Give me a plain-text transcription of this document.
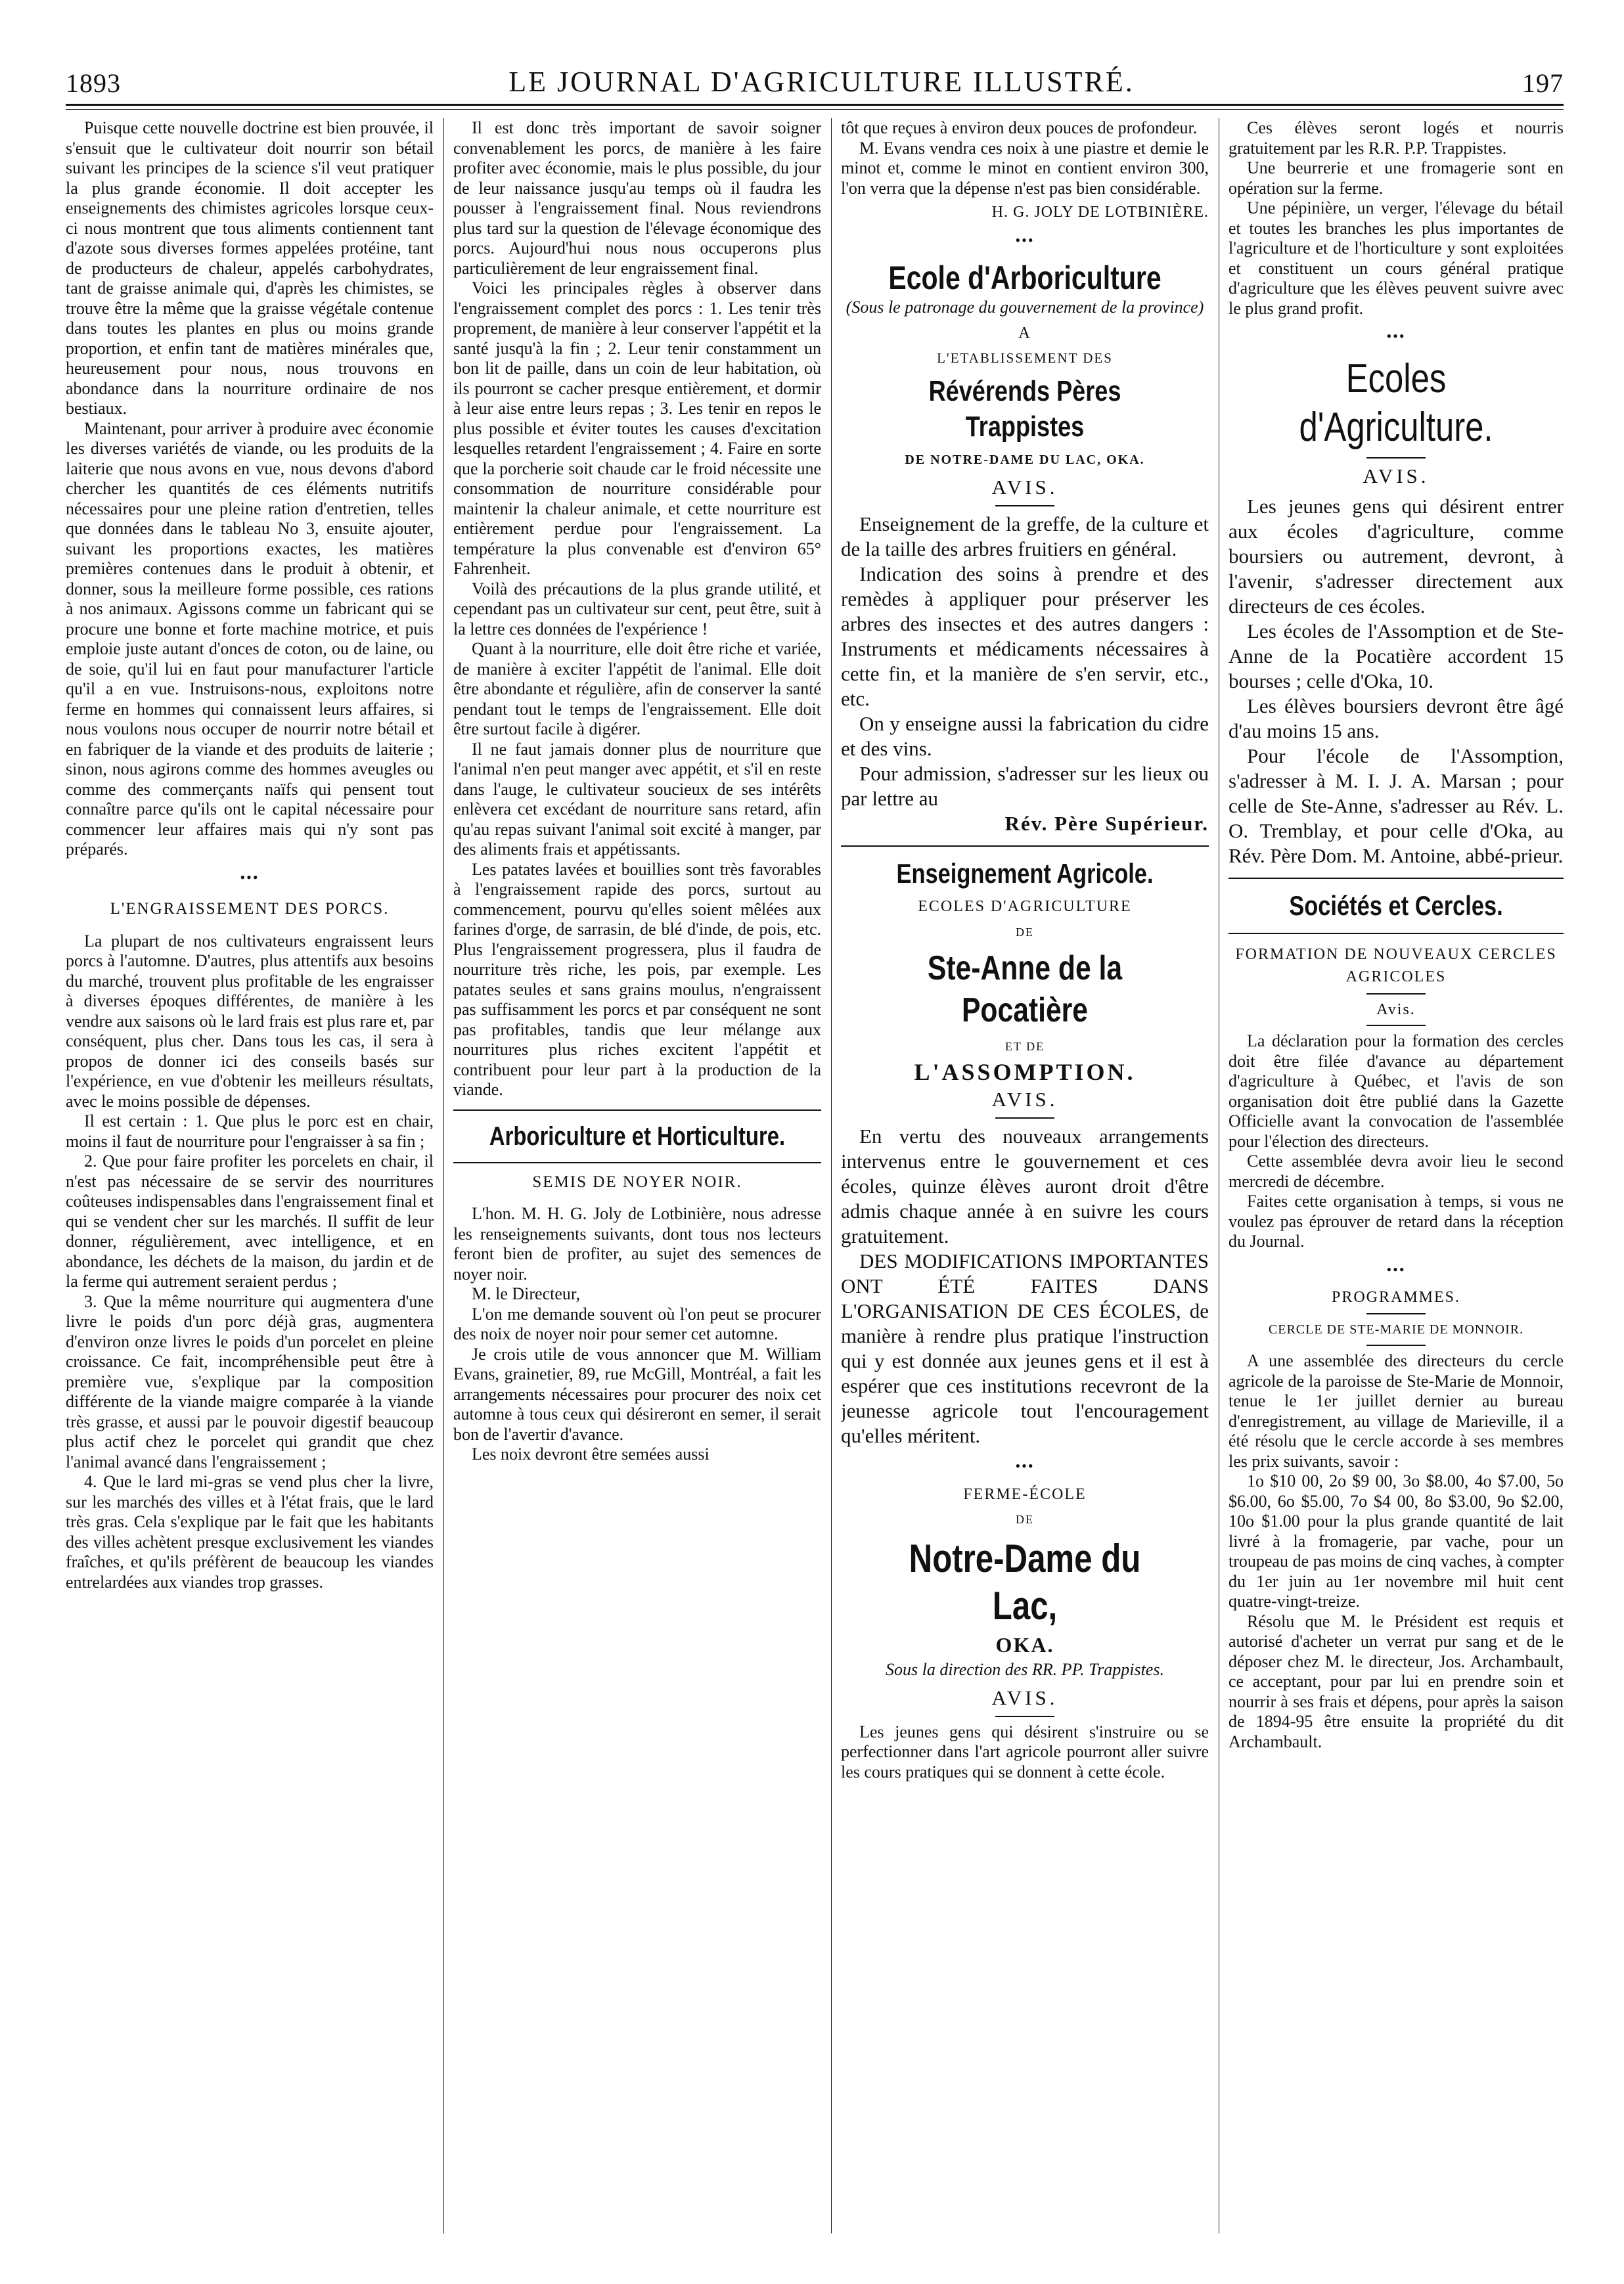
1893	LE JOURNAL D'AGRICULTURE ILLUSTRÉ.	197

Puisque cette nouvelle doctrine est bien prouvée, il s'ensuit que le cultivateur doit nourrir son bétail suivant les principes de la science s'il veut pratiquer la plus grande économie. Il doit accepter les enseignements des chimistes agricoles lorsque ceux-ci nous montrent que tous aliments contiennent tant d'azote sous diverses formes appelées protéine, tant de producteurs de chaleur, appelés carbohydrates, tant de graisse animale qui, d'après les chimistes, se trouve être la même que la graisse végétale contenue dans toutes les plantes en plus ou moins grande proportion, et enfin tant de matières minérales que, heureusement pour nous, nous trouvons en abondance dans la nourriture ordinaire de nos bestiaux.

Maintenant, pour arriver à produire avec économie les diverses variétés de viande, ou les produits de la laiterie que nous avons en vue, nous devons d'abord chercher les quantités de ces éléments nutritifs nécessaires pour une pleine ration d'entretien, telles que données dans le tableau No 3, ensuite ajouter, suivant les proportions exactes, les matières premières contenues dans le produit à obtenir, et donner, sous la meilleure forme possible, ces rations à nos animaux. Agissons comme un fabricant qui se procure une bonne et forte machine motrice, et puis emploie juste autant d'onces de coton, ou de laine, ou de soie, qu'il lui en faut pour manufacturer l'article qu'il a en vue. Instruisons-nous, exploitons notre ferme en hommes qui connaissent leurs affaires, si nous voulons nous occuper de nourrir notre bétail et en fabriquer de la viande et des produits de laiterie ; sinon, nous agirons comme des hommes aveugles ou comme des commerçants naïfs qui pensent tout connaître parce qu'ils ont le capital nécessaire pour commencer leur affaires mais qui n'y sont pas préparés.

•••
L'ENGRAISSEMENT DES PORCS.

La plupart de nos cultivateurs engraissent leurs porcs à l'automne. D'autres, plus attentifs aux besoins du marché, trouvent plus profitable de les engraisser à diverses époques différentes, de manière à les vendre aux saisons où le lard frais est plus rare et, par conséquent, plus cher. Dans tous les cas, il sera à propos de donner ici des conseils basés sur l'expérience, en vue d'obtenir les meilleurs résultats, avec le moins possible de dépenses.

Il est certain : 1. Que plus le porc est en chair, moins il faut de nourriture pour l'engraisser à sa fin ;

2. Que pour faire profiter les porcelets en chair, il n'est pas nécessaire de se servir des nourritures coûteuses indispensables dans l'engraissement final et qui se vendent cher sur les marchés. Il suffit de leur donner, régulièrement, avec intelligence, et en abondance, les déchets de la maison, du jardin et de la ferme qui autrement seraient perdus ;

3. Que la même nourriture qui augmentera d'une livre le poids d'un porc déjà gras, augmentera d'environ onze livres le poids d'un porcelet en pleine croissance. Ce fait, incompréhensible peut être à première vue, s'explique par la composition différente de la viande maigre comparée à la viande très grasse, et aussi par le pouvoir digestif beaucoup plus actif chez le porcelet qui grandit que chez l'animal avancé dans l'engraissement ;

4. Que le lard mi-gras se vend plus cher la livre, sur les marchés des villes et à l'état frais, que le lard très gras. Cela s'explique par le fait que les habitants des villes achètent presque exclusivement les viandes fraîches, et qu'ils préfèrent de beaucoup les viandes entrelardées aux viandes trop grasses.

Il est donc très important de savoir soigner convenablement les porcs, de manière à les faire profiter avec économie, mais le plus possible, du jour de leur naissance jusqu'au temps où il faudra les pousser à l'engraissement final. Nous reviendrons plus tard sur la question de l'élevage économique des porcs. Aujourd'hui nous nous occuperons plus particulièrement de leur engraissement final.

Voici les principales règles à observer dans l'engraissement complet des porcs : 1. Les tenir très proprement, de manière à leur conserver l'appétit et la santé jusqu'à la fin ; 2. Leur tenir constamment un bon lit de paille, dans un coin de leur habitation, où ils pourront se cacher presque entièrement, et dormir à leur aise entre leurs repas ; 3. Les tenir en repos le plus possible et éviter toutes les causes d'excitation lesquelles retardent l'engraissement ; 4. Faire en sorte que la porcherie soit chaude car le froid nécessite une consommation de nourriture considérable pour maintenir la chaleur animale, et cette nourriture est entièrement perdue pour l'engraissement. La température la plus convenable est d'environ 65° Fahrenheit.

Voilà des précautions de la plus grande utilité, et cependant pas un cultivateur sur cent, peut être, suit à la lettre ces données de l'expérience !

Quant à la nourriture, elle doit être riche et variée, de manière à exciter l'appétit de l'animal. Elle doit être abondante et régulière, afin de conserver la santé pendant tout le temps de l'engraissement. Elle doit être surtout facile à digérer.

Il ne faut jamais donner plus de nourriture que l'animal n'en peut manger avec appétit, et s'il en reste dans l'auge, le cultivateur soucieux de ses intérêts enlèvera cet excédant de nourriture sans retard, afin qu'au repas suivant l'animal soit excité à manger, par des aliments frais et appétissants.

Les patates lavées et bouillies sont très favorables à l'engraissement rapide des porcs, surtout au commencement, pourvu qu'elles soient mêlées aux farines d'orge, de sarrasin, de blé d'inde, de pois, etc. Plus l'engraissement progressera, plus il faudra de nourriture très riche, les pois, par exemple. Les patates seules et sans grains moulus, n'engraissent pas suffisamment les porcs et par conséquent ne sont pas profitables, tandis que leur mélange aux nourritures plus riches excitent l'appétit et contribuent pour leur part à la production de la viande.

Arboriculture et Horticulture.
SEMIS DE NOYER NOIR.

L'hon. M. H. G. Joly de Lotbinière, nous adresse les renseignements suivants, dont tous nos lecteurs feront bien de profiter, au sujet des semences de noyer noir.

M. le Directeur,

L'on me demande souvent où l'on peut se procurer des noix de noyer noir pour semer cet automne.

Je crois utile de vous annoncer que M. William Evans, grainetier, 89, rue McGill, Montréal, a fait les arrangements nécessaires pour procurer des noix cet automne à tous ceux qui désireront en semer, il serait bon de l'avertir d'avance.

Les noix devront être semées aussi

tôt que reçues à environ deux pouces de profondeur.

M. Evans vendra ces noix à une piastre et demie le minot et, comme le minot en contient environ 300, l'on verra que la dépense n'est pas bien considérable.

H. G. JOLY DE LOTBINIÈRE.
•••
Ecole d'Arboriculture

(Sous le patronage du gouvernement de la province)

A
L'ETABLISSEMENT DES
Révérends Pères Trappistes
DE NOTRE-DAME DU LAC, OKA.
AVIS.

Enseignement de la greffe, de la culture et de la taille des arbres fruitiers en général.

Indication des soins à prendre et des remèdes à appliquer pour préserver les arbres des insectes et des autres dangers : Instruments et médicaments nécessaires à cette fin, et la manière de s'en servir, etc., etc.

On y enseigne aussi la fabrication du cidre et des vins.

Pour admission, s'adresser sur les lieux ou par lettre au

Rév. Père Supérieur.

Enseignement Agricole.
ECOLES D'AGRICULTURE
DE
Ste-Anne de la Pocatière
ET DE
L'ASSOMPTION.
AVIS.

En vertu des nouveaux arrangements intervenus entre le gouvernement et ces écoles, quinze élèves auront droit d'être admis chaque année à en suivre les cours gratuitement.

DES MODIFICATIONS IMPORTANTES ONT ÉTÉ FAITES DANS L'ORGANISATION DE CES ÉCOLES, de manière à rendre plus pratique l'instruction qui y est donnée aux jeunes gens et il est à espérer que ces institutions recevront de la jeunesse agricole tout l'encouragement qu'elles méritent.

•••
FERME-ÉCOLE
DE
Notre-Dame du Lac,
OKA.

Sous la direction des RR. PP. Trappistes.

AVIS.

Les jeunes gens qui désirent s'instruire ou se perfectionner dans l'art agricole pourront aller suivre les cours pratiques qui se donnent à cette école.

Ces élèves seront logés et nourris gratuitement par les R.R. P.P. Trappistes.

Une beurrerie et une fromagerie sont en opération sur la ferme.

Une pépinière, un verger, l'élevage du bétail et toutes les branches les plus importantes de l'agriculture et de l'horticulture y sont exploitées et constituent un cours général pratique d'agriculture que les élèves peuvent suivre avec le plus grand profit.

•••
Ecoles d'Agriculture.
AVIS.

Les jeunes gens qui désirent entrer aux écoles d'agriculture, comme boursiers ou autrement, devront, à l'avenir, s'adresser directement aux directeurs de ces écoles.

Les écoles de l'Assomption et de Ste-Anne de la Pocatière accordent 15 bourses ; celle d'Oka, 10.

Les élèves boursiers devront être âgé d'au moins 15 ans.

Pour l'école de l'Assomption, s'adresser à M. I. J. A. Marsan ; pour celle de Ste-Anne, s'adresser au Rév. L. O. Tremblay, et pour celle d'Oka, au Rév. Père Dom. M. Antoine, abbé-prieur.

Sociétés et Cercles.
FORMATION DE NOUVEAUX CERCLES AGRICOLES
Avis.

La déclaration pour la formation des cercles doit être filée d'avance au département d'agriculture à Québec, et l'avis de son organisation doit être publié dans la Gazette Officielle avant la convocation de l'assemblée pour l'élection des directeurs.

Cette assemblée devra avoir lieu le second mercredi de décembre.

Faites cette organisation à temps, si vous ne voulez pas éprouver de retard dans la réception du Journal.

•••
PROGRAMMES.
CERCLE DE STE-MARIE DE MONNOIR.

A une assemblée des directeurs du cercle agricole de la paroisse de Ste-Marie de Monnoir, tenue le 1er juillet dernier au bureau d'enregistrement, au village de Marieville, il a été résolu que le cercle accorde à ses membres les prix suivants, savoir :

1o $10 00, 2o $9 00, 3o $8.00, 4o $7.00, 5o $6.00, 6o $5.00, 7o $4 00, 8o $3.00, 9o $2.00, 10o $1.00 pour la plus grande quantité de lait livré à la fromagerie, par vache, pour un troupeau de pas moins de cinq vaches, à compter du 1er juin au 1er novembre mil huit cent quatre-vingt-treize.

Résolu que M. le Président est requis et autorisé d'acheter un verrat pur sang et de le déposer chez M. le directeur, Jos. Archambault, ce acceptant, pour par lui en prendre soin et nourrir à ses frais et dépens, pour après la saison de 1894-95 être ensuite la propriété du dit Archambault.
